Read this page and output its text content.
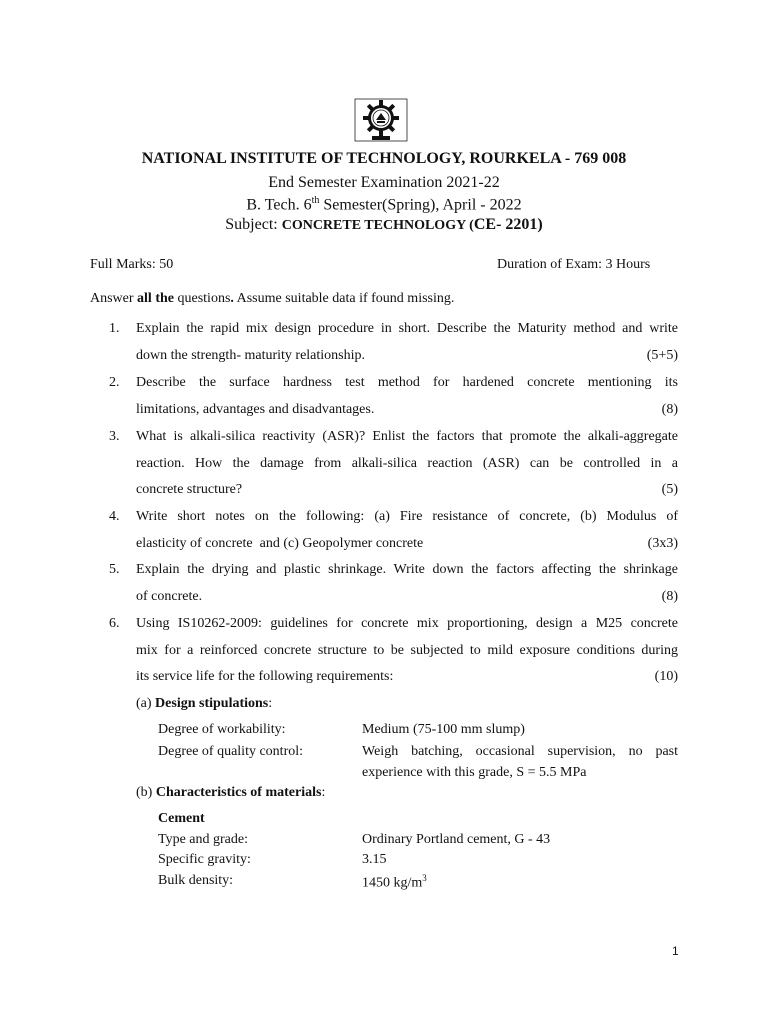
NATIONAL INSTITUTE OF TECHNOLOGY, ROURKELA - 769 008
End Semester Examination 2021-22
B. Tech. 6th Semester(Spring), April - 2022
Subject: CONCRETE TECHNOLOGY (CE- 2201)
Full Marks: 50	Duration of Exam: 3 Hours
Answer all the questions. Assume suitable data if found missing.
1. Explain the rapid mix design procedure in short. Describe the Maturity method and write
down the strength- maturity relationship.	(5+5)
2. Describe the surface hardness test method for hardened concrete mentioning its
limitations, advantages and disadvantages.	(8)
3. What is alkali-silica reactivity (ASR)? Enlist the factors that promote the alkali-aggregate
reaction. How the damage from alkali-silica reaction (ASR) can be controlled in a
concrete structure?	(5)
4. Write short notes on the following: (a) Fire resistance of concrete, (b) Modulus of
elasticity of concrete  and (c) Geopolymer concrete	(3x3)
5. Explain the drying and plastic shrinkage. Write down the factors affecting the shrinkage
of concrete.	(8)
6. Using IS10262-2009: guidelines for concrete mix proportioning, design a M25 concrete
mix for a reinforced concrete structure to be subjected to mild exposure conditions during
its service life for the following requirements:	(10)
(a) Design stipulations:
Degree of workability:	Medium (75-100 mm slump)
Degree of quality control:	Weigh batching, occasional supervision, no past
experience with this grade, S = 5.5 MPa
(b) Characteristics of materials:
Cement
Type and grade:	Ordinary Portland cement, G - 43
Specific gravity:	3.15
Bulk density:	1450 $kg/m^3$
1
